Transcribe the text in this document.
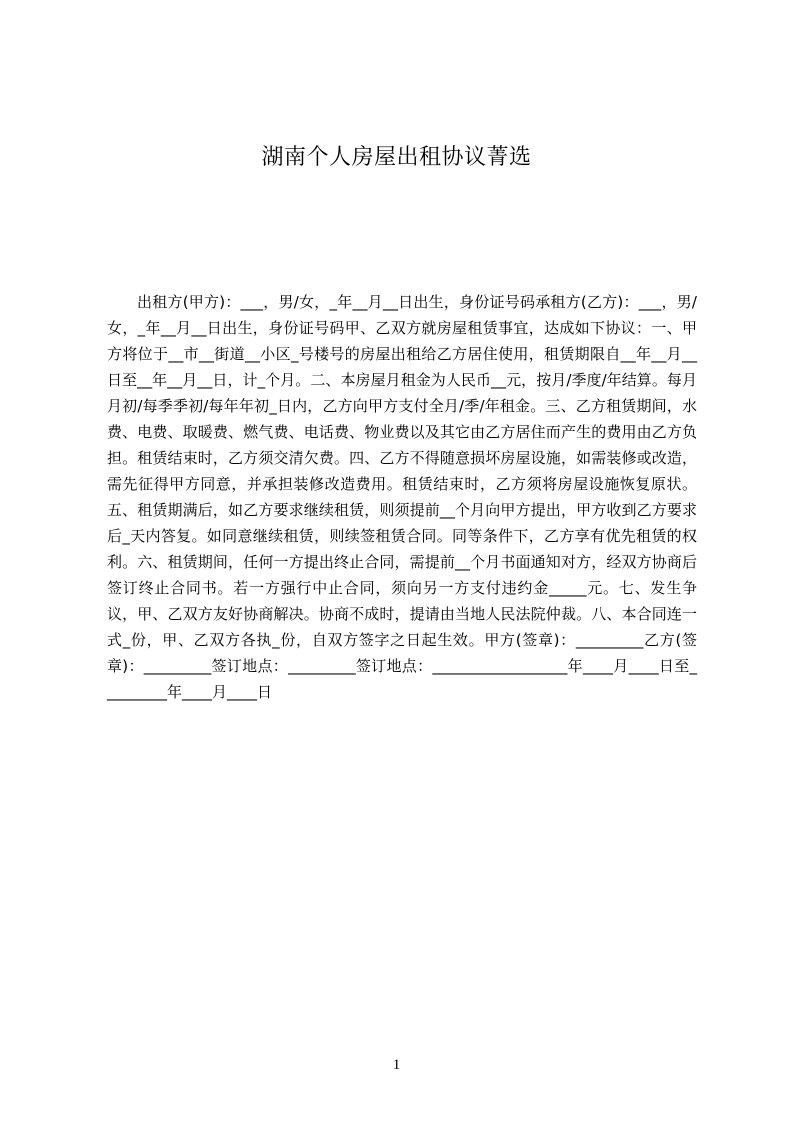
湖南个人房屋出租协议菁选

出租方(甲方)：___，男/女，_年__月__日出生，身份证号码承租方(乙方)：___，男/女，_年__月__日出生，身份证号码甲、乙双方就房屋租赁事宜，达成如下协议：一、甲方将位于__市__街道__小区_号楼号的房屋出租给乙方居住使用，租赁期限自__年__月__日至__年__月__日，计_个月。二、本房屋月租金为人民币__元，按月/季度/年结算。每月月初/每季季初/每年年初_日内，乙方向甲方支付全月/季/年租金。三、乙方租赁期间，水费、电费、取暖费、燃气费、电话费、物业费以及其它由乙方居住而产生的费用由乙方负担。租赁结束时，乙方须交清欠费。四、乙方不得随意损坏房屋设施，如需装修或改造，需先征得甲方同意，并承担装修改造费用。租赁结束时，乙方须将房屋设施恢复原状。五、租赁期满后，如乙方要求继续租赁，则须提前__个月向甲方提出，甲方收到乙方要求后_天内答复。如同意继续租赁，则续签租赁合同。同等条件下，乙方享有优先租赁的权利。六、租赁期间，任何一方提出终止合同，需提前__个月书面通知对方，经双方协商后签订终止合同书。若一方强行中止合同，须向另一方支付违约金_____元。七、发生争议，甲、乙双方友好协商解决。协商不成时，提请由当地人民法院仲裁。八、本合同连一式_份，甲、乙双方各执_份，自双方签字之日起生效。甲方(签章)：_________乙方(签章)：_________签订地点：_________签订地点：__________________年____月____日至_________年____月____日

1
